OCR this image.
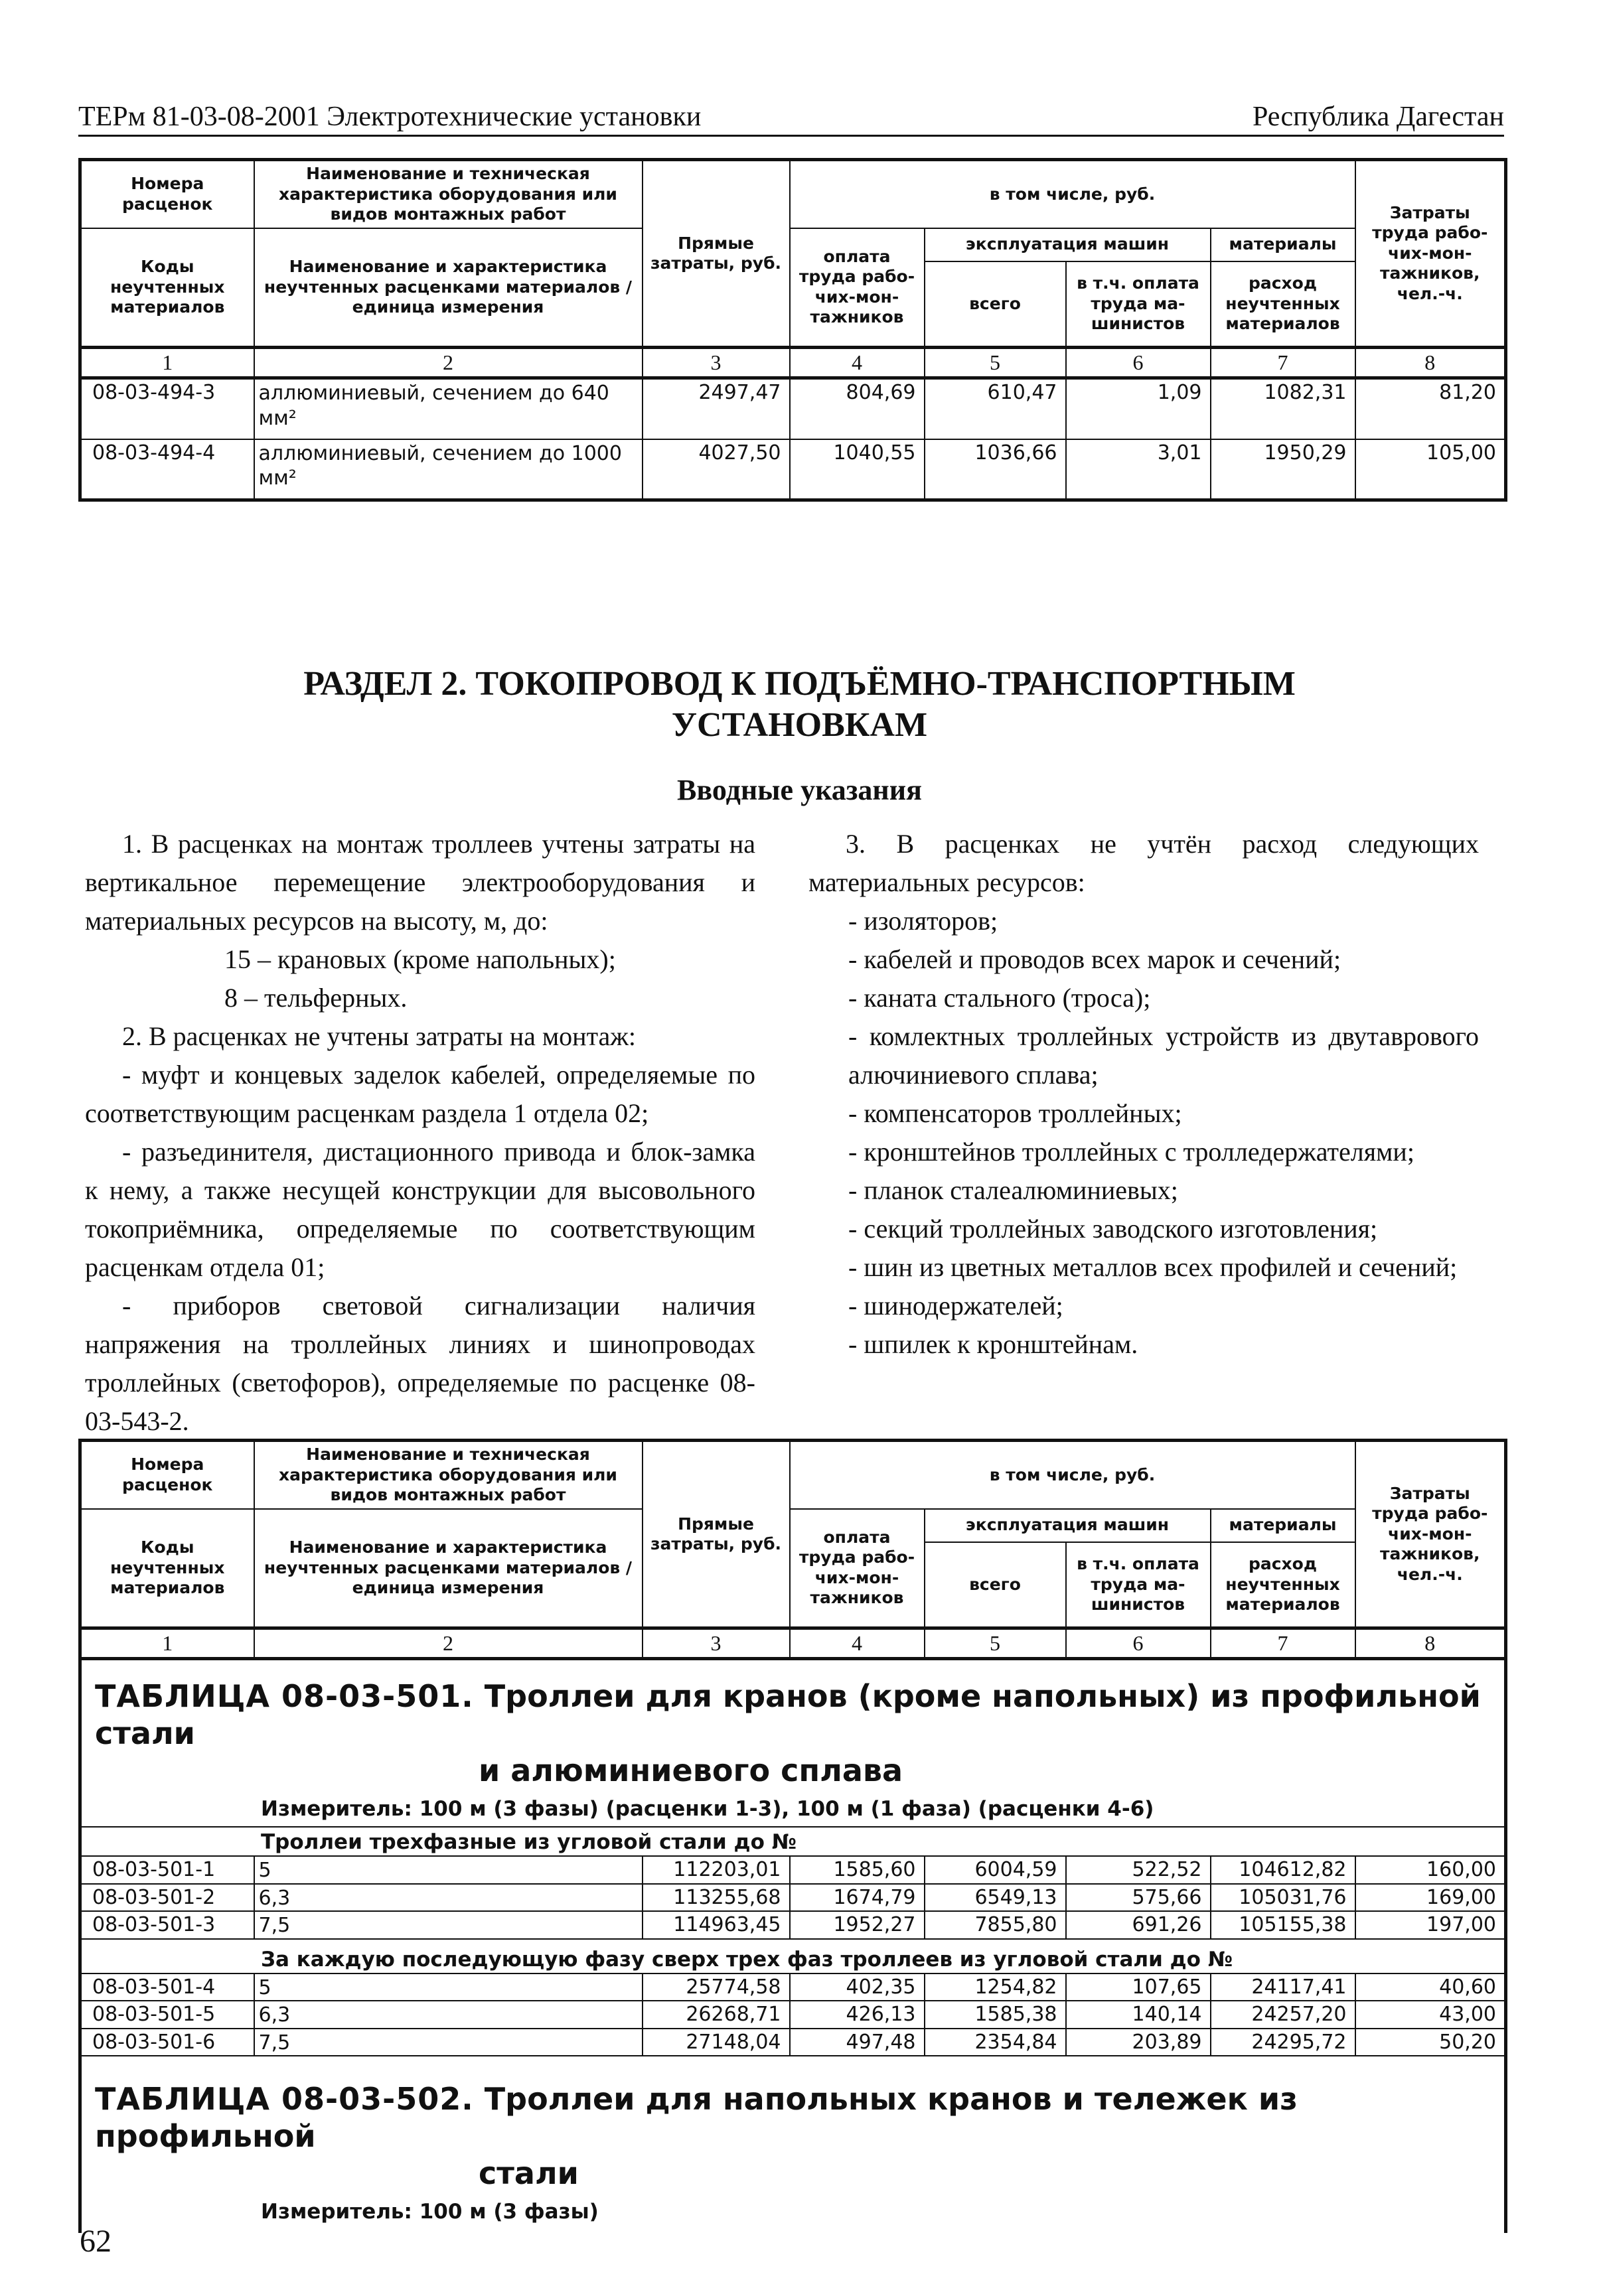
ТЕРм 81-03-08-2001 Электротехнические установки	Республика Дагестан
Номера расценок	Наименование и техническая характеристика оборудования или видов монтажных работ	Прямые затраты, руб.	в том числе, руб.				Затраты труда рабо-чих-мон-тажников, чел.-ч.
Коды неучтенных материалов	Наименование и характеристика неучтенных расценками материалов / единица измерения		оплата труда рабо-чих-мон-тажников	эксплуатация машин		материалы	
				всего	в т.ч. оплата труда ма-шинистов	расход неучтенных материалов	
1	2	3	4	5	6	7	8
08-03-494-3	аллюминиевый, сечением до 640 мм²	2497,47	804,69	610,47	1,09	1082,31	81,20
08-03-494-4	аллюминиевый, сечением до 1000 мм²	4027,50	1040,55	1036,66	3,01	1950,29	105,00
РАЗДЕЛ 2. ТОКОПРОВОД К ПОДЪЁМНО-ТРАНСПОРТНЫМ
УСТАНОВКАМ
Вводные указания

1. В расценках на монтаж троллеев учтены затраты на вертикальное перемещение электрооборудования и материальных ресурсов на высоту, м, до:

15 – крановых (кроме напольных);

8 – тельферных.

2. В расценках не учтены затраты на монтаж:

- муфт и концевых заделок кабелей, определяемые по соответствующим расценкам раздела 1 отдела 02;

- разъединителя, дистационного привода и блок-замка к нему, а также несущей конструкции для высовольного токоприёмника, определяемые по соответствующим расценкам отдела 01;

- приборов световой сигнализации наличия напряжения на троллейных линиях и шинопроводах троллейных (светофоров), определяемые по расценке 08-03-543-2.

3. В расценках не учтён расход следующих материальных ресурсов:

- изоляторов;

- кабелей и проводов всех марок и сечений;

- каната стального (троса);

- комлектных троллейных устройств из двутаврового алючиниевого сплава;

- компенсаторов троллейных;

- кронштейнов троллейных с тролледержателями;

- планок сталеалюминиевых;

- секций троллейных заводского изготовления;

- шин из цветных металлов всех профилей и сечений;

- шинодержателей;

- шпилек к кронштейнам.

Номера расценок	Наименование и техническая характеристика оборудования или видов монтажных работ	Прямые затраты, руб.	в том числе, руб.				Затраты труда рабо-чих-мон-тажников, чел.-ч.
Коды неучтенных материалов	Наименование и характеристика неучтенных расценками материалов / единица измерения		оплата труда рабо-чих-мон-тажников	эксплуатация машин		материалы	
				всего	в т.ч. оплата труда ма-шинистов	расход неучтенных материалов	
1	2	3	4	5	6	7	8

ТАБЛИЦА 08-03-501. Троллеи для кранов (кроме напольных) из профильной стали
и алюминиевого сплава
Измеритель: 100 м (3 фазы) (расценки 1-3), 100 м (1 фаза) (расценки 4-6)							

Троллеи трехфазные из угловой стали до №							
08-03-501-1	5	112203,01	1585,60	6004,59	522,52	104612,82	160,00
08-03-501-2	6,3	113255,68	1674,79	6549,13	575,66	105031,76	169,00
08-03-501-3	7,5	114963,45	1952,27	7855,80	691,26	105155,38	197,00
За каждую последующую фазу сверх трех фаз троллеев из угловой стали до №							
08-03-501-4	5	25774,58	402,35	1254,82	107,65	24117,41	40,60
08-03-501-5	6,3	26268,71	426,13	1585,38	140,14	24257,20	43,00
08-03-501-6	7,5	27148,04	497,48	2354,84	203,89	24295,72	50,20

ТАБЛИЦА 08-03-502. Троллеи для напольных кранов и тележек из профильной
стали
Измеритель: 100 м (3 фазы)							
62
